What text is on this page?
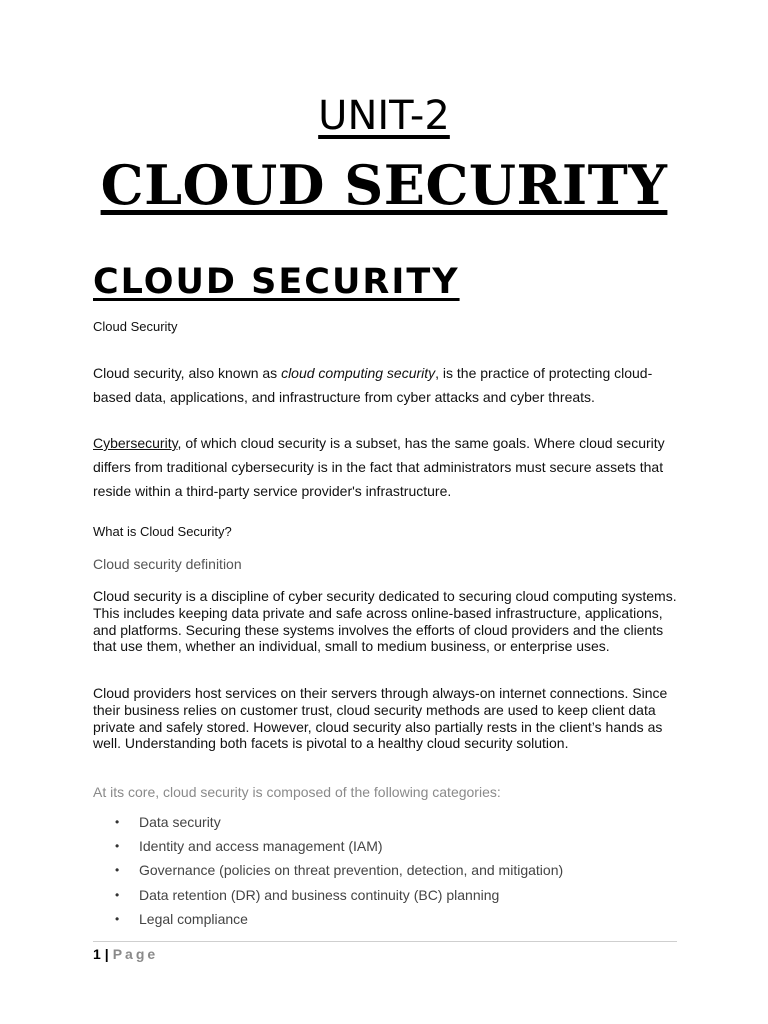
UNIT-2
CLOUD SECURITY
CLOUD SECURITY
Cloud Security
Cloud security, also known as cloud computing security, is the practice of protecting cloud-based data, applications, and infrastructure from cyber attacks and cyber threats.
Cybersecurity, of which cloud security is a subset, has the same goals. Where cloud security differs from traditional cybersecurity is in the fact that administrators must secure assets that reside within a third-party service provider's infrastructure.
What is Cloud Security?
Cloud security definition
Cloud security is a discipline of cyber security dedicated to securing cloud computing systems. This includes keeping data private and safe across online-based infrastructure, applications, and platforms. Securing these systems involves the efforts of cloud providers and the clients that use them, whether an individual, small to medium business, or enterprise uses.
Cloud providers host services on their servers through always-on internet connections. Since their business relies on customer trust, cloud security methods are used to keep client data private and safely stored. However, cloud security also partially rests in the client’s hands as well. Understanding both facets is pivotal to a healthy cloud security solution.
At its core, cloud security is composed of the following categories:
• Data security
• Identity and access management (IAM)
• Governance (policies on threat prevention, detection, and mitigation)
• Data retention (DR) and business continuity (BC) planning
• Legal compliance
1 | Page
